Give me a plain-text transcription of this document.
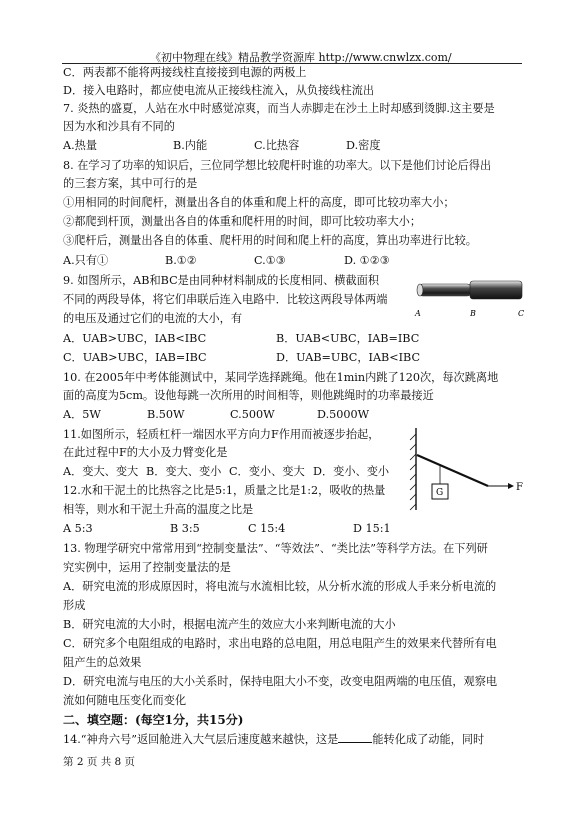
《初中物理在线》精品教学资源库 http://www.cnwlzx.com/
C．两表都不能将两接线柱直接接到电源的两极上
D．接入电路时，都应使电流从正接线柱流入，从负接线柱流出
7. 炎热的盛夏，人站在水中时感觉凉爽，而当人赤脚走在沙土上时却感到烫脚.这主要是
因为水和沙具有不同的
A.热量	B.内能	C.比热容	D.密度
8. 在学习了功率的知识后，三位同学想比较爬杆时谁的功率大。以下是他们讨论后得出
的三套方案，其中可行的是
①用相同的时间爬杆，测量出各自的体重和爬上杆的高度，即可比较功率大小；
②都爬到杆顶，测量出各自的体重和爬杆用的时间，即可比较功率大小；
③爬杆后，测量出各自的体重、爬杆用的时间和爬上杆的高度，算出功率进行比较。
A.只有①	B.①②	C.①③	D. ①②③
9. 如图所示，AB和BC是由同种材料制成的长度相同、横截面积
不同的两段导体，将它们串联后连入电路中．比较这两段导体两端
的电压及通过它们的电流的大小，有	A	B	C
A．UAB>UBC，IAB<IBC	B．UAB<UBC，IAB=IBC
C．UAB>UBC，IAB=IBC	D．UAB=UBC，IAB<IBC
10. 在2005年中考体能测试中，某同学选择跳绳。他在1min内跳了120次，每次跳离地
面的高度为5cm。设他每跳一次所用的时间相等，则他跳绳时的功率最接近
A．5W	B.50W	C.500W	D.5000W
11.如图所示，轻质杠杆一端因水平方向力F作用而被逐步抬起，
在此过程中F的大小及力臂变化是
A．变大、变大 B．变大、变小 C．变小、变大 D．变小、变小
G	F
12.水和干泥土的比热容之比是5:1，质量之比是1:2，吸收的热量
相等，则水和干泥土升高的温度之比是
A 5:3	B 3:5	C 15:4	D 15:1
13. 物理学研究中常常用到“控制变量法”、“等效法”、“类比法”等科学方法。在下列研
究实例中，运用了控制变量法的是
A．研究电流的形成原因时，将电流与水流相比较，从分析水流的形成人手来分析电流的
形成
B．研究电流的大小时，根据电流产生的效应大小来判断电流的大小
C．研究多个电阻组成的电路时，求出电路的总电阻，用总电阻产生的效果来代替所有电
阻产生的总效果
D．研究电流与电压的大小关系时，保持电阻大小不变，改变电阻两端的电压值，观察电
流如何随电压变化而变化
二、填空题：(每空1分，共15分)
14.“神舟六号”返回舱进入大气层后速度越来越快，这是	能转化成了动能，同时
第 2 页 共 8 页
